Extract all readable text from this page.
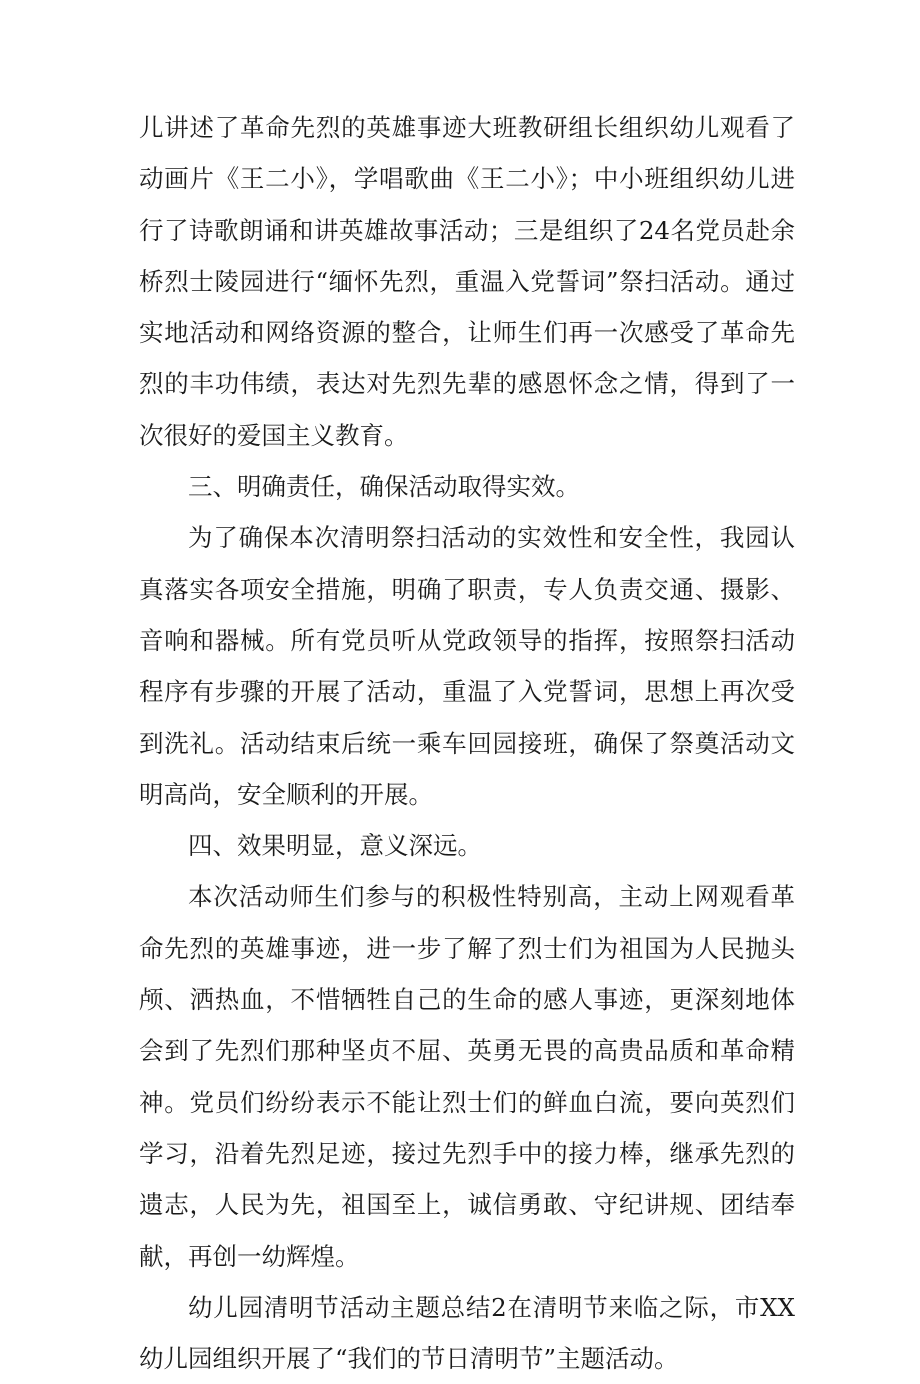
儿讲述了革命先烈的英雄事迹大班教研组长组织幼儿观看了动画片《王二小》，学唱歌曲《王二小》；中小班组织幼儿进行了诗歌朗诵和讲英雄故事活动；三是组织了24名党员赴余桥烈士陵园进行“缅怀先烈，重温入党誓词”祭扫活动。通过实地活动和网络资源的整合，让师生们再一次感受了革命先烈的丰功伟绩，表达对先烈先辈的感恩怀念之情，得到了一次很好的爱国主义教育。

三、明确责任，确保活动取得实效。

为了确保本次清明祭扫活动的实效性和安全性，我园认真落实各项安全措施，明确了职责，专人负责交通、摄影、音响和器械。所有党员听从党政领导的指挥，按照祭扫活动程序有步骤的开展了活动，重温了入党誓词，思想上再次受到洗礼。活动结束后统一乘车回园接班，确保了祭奠活动文明高尚，安全顺利的开展。

四、效果明显，意义深远。

本次活动师生们参与的积极性特别高，主动上网观看革命先烈的英雄事迹，进一步了解了烈士们为祖国为人民抛头颅、洒热血，不惜牺牲自己的生命的感人事迹，更深刻地体会到了先烈们那种坚贞不屈、英勇无畏的高贵品质和革命精神。党员们纷纷表示不能让烈士们的鲜血白流，要向英烈们学习，沿着先烈足迹，接过先烈手中的接力棒，继承先烈的遗志，人民为先，祖国至上，诚信勇敢、守纪讲规、团结奉献，再创一幼辉煌。

幼儿园清明节活动主题总结2在清明节来临之际，市XX幼儿园组织开展了“我们的节日清明节”主题活动。
